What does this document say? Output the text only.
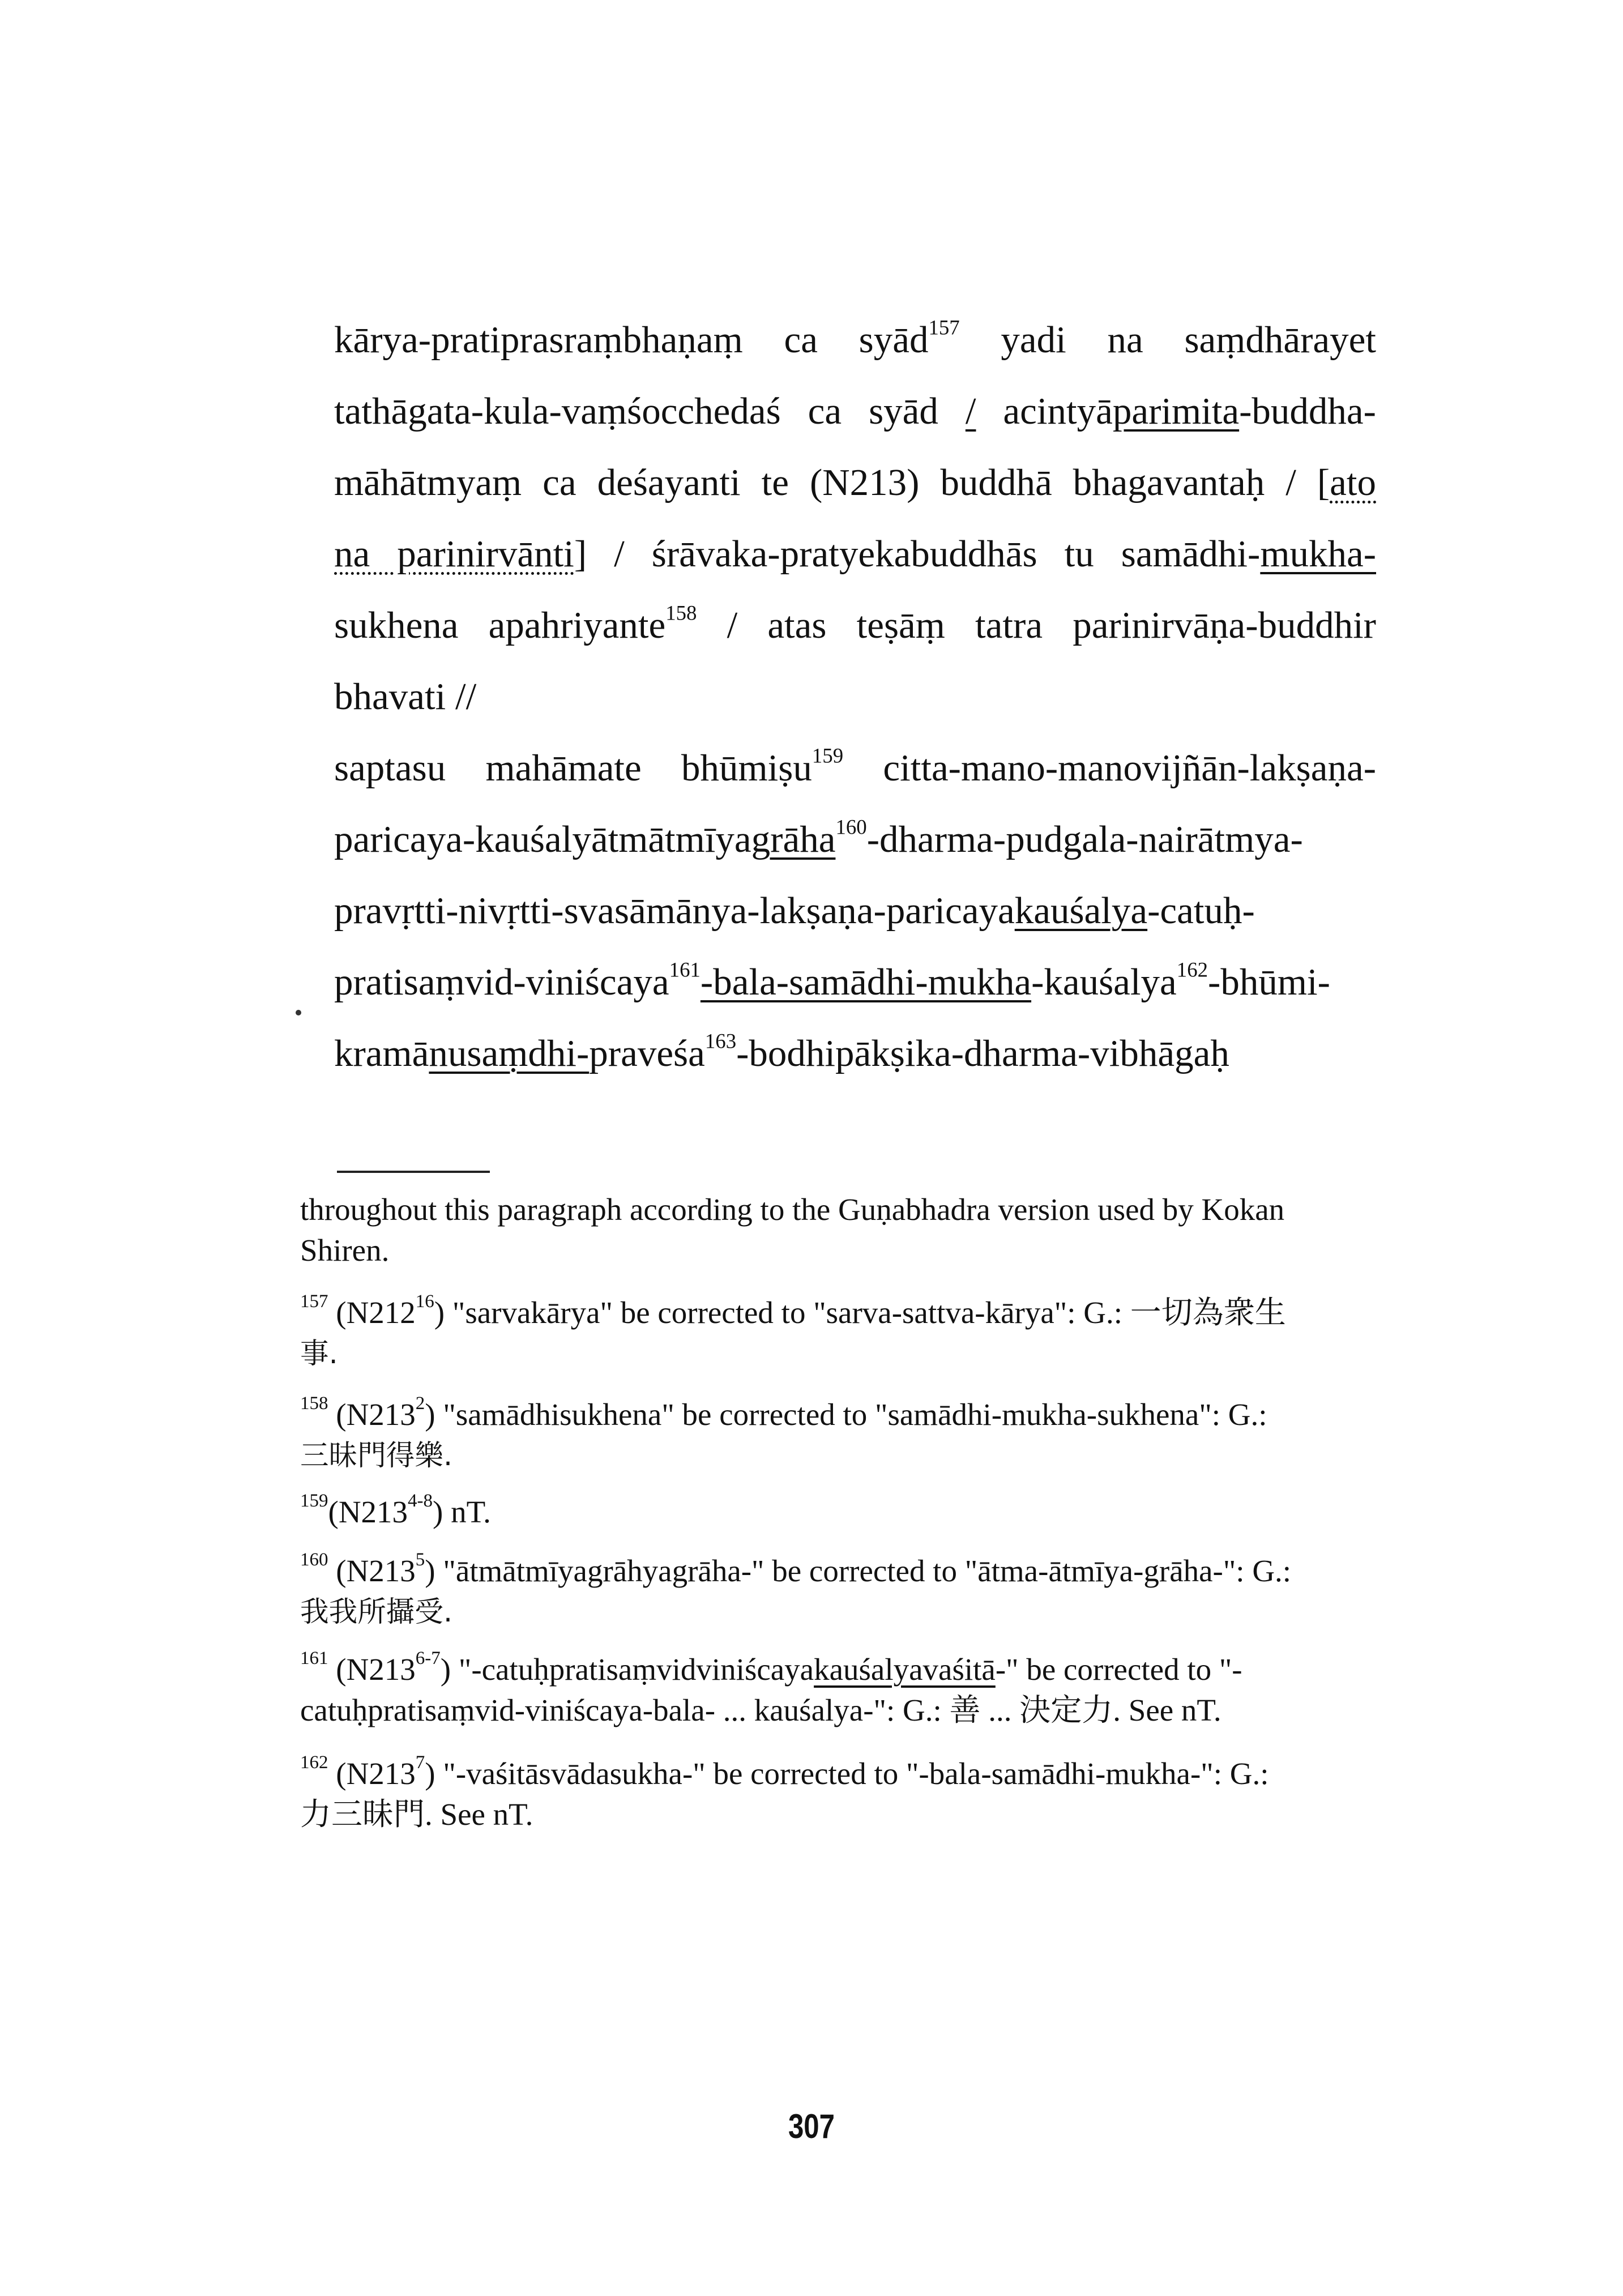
kārya-pratiprasraṃbhaṇaṃ ca syād$^{157}$ yadi na saṃdhārayet
tathāgata-kula-vaṃśocchedaś ca syād / acintyāparimita-buddha-
māhātmyaṃ ca deśayanti te (N213) buddhā bhagavantaḥ / [ato
na parinirvānti] / śrāvaka-pratyekabuddhās tu samādhi-mukha-
sukhena apahriyante$^{158}$ / atas teṣāṃ tatra parinirvāṇa-buddhir
bhavati //
saptasu mahāmate bhūmiṣu$^{159}$ citta-mano-manovijñān-lakṣaṇa-
paricaya-kauśalyātmātmīyagrāha$^{160}$-dharma-pudgala-nairātmya-
pravṛtti-nivṛtti-svasāmānya-lakṣaṇa-paricayakauśalya-catuḥ-
pratisaṃvid-viniścaya$^{161}$-bala-samādhi-mukha-kauśalya$^{162}$-bhūmi-
kramānusaṃdhi-praveśa$^{163}$-bodhipākṣika-dharma-vibhāgaḥ
throughout this paragraph according to the Guṇabhadra version used by Kokan
Shiren.
$^{157}$ $(N212^{16})$ "sarvakārya" be corrected to "sarva-sattva-kārya": G.: 一切為衆生
事.
$^{158}$ $(N213^2)$ "samādhisukhena" be corrected to "samādhi-mukha-sukhena": G.:
三昧門得樂.
$^{159}$(N213$^{4-8}$) nT.
$^{160}$ $(N213^5)$ "ātmātmīyagrāhyagrāha-" be corrected to "ātma-ātmīya-grāha-": G.:
我我所攝受.
$^{161}$ (N213$^{6-7}$) "-catuḥpratisaṃvidviniścayakauśalyavaśitā-" be corrected to "-
catuḥpratisaṃvid-viniścaya-bala- ... kauśalya-": G.: 善 ... 決定力. See nT.
$^{162}$ $(N213^7)$ "-vaśitāsvādasukha-" be corrected to "-bala-samādhi-mukha-": G.:
力三昧門. See nT.
307
